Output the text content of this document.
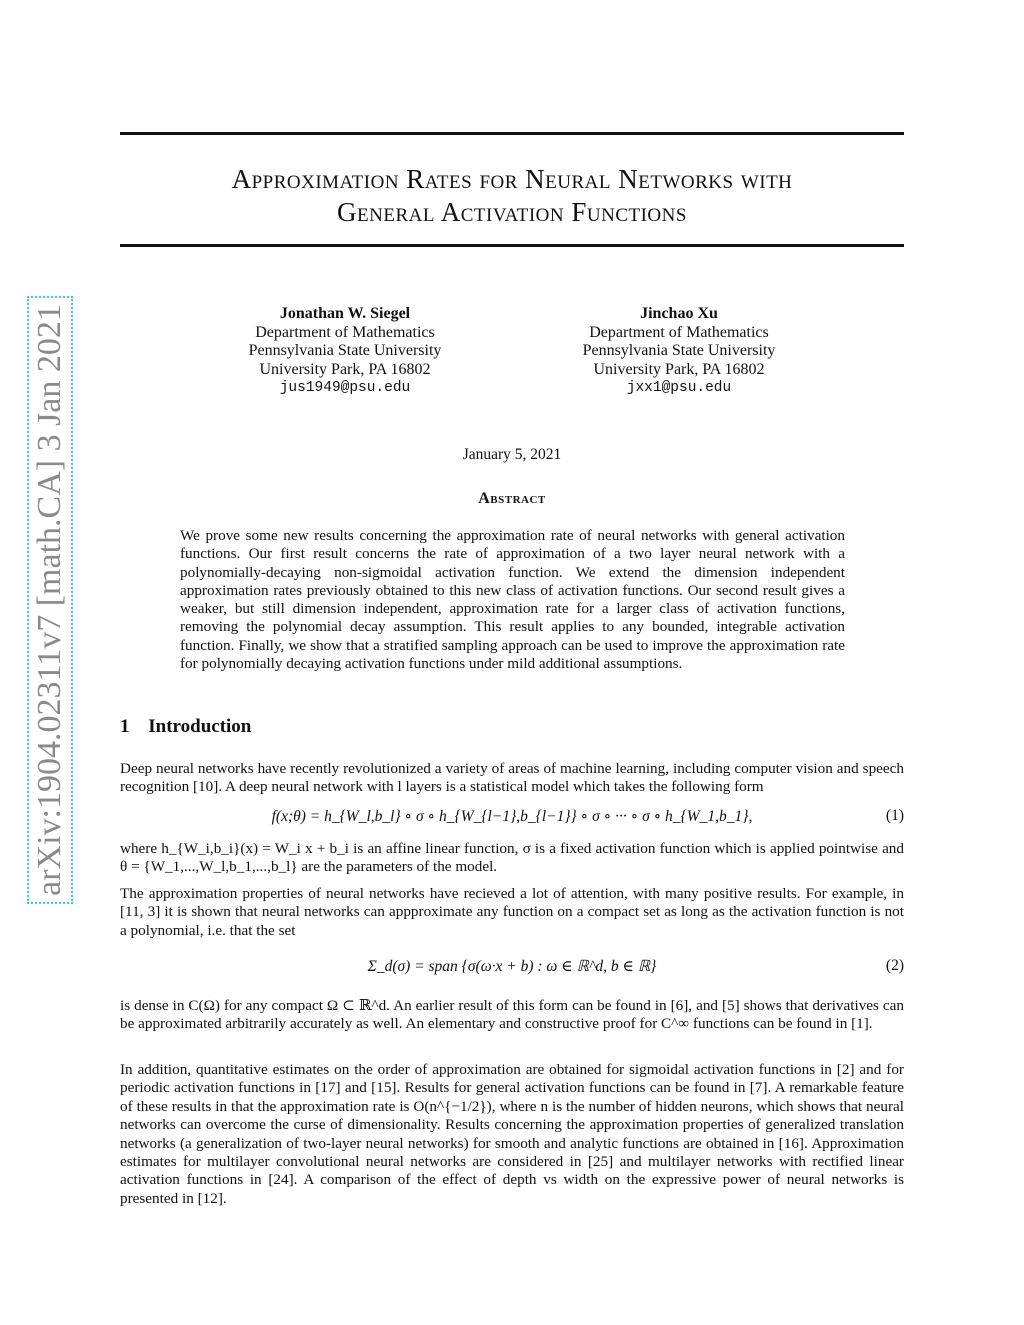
arXiv:1904.02311v7 [math.CA] 3 Jan 2021
Approximation Rates for Neural Networks with
General Activation Functions
Jonathan W. Siegel
Department of Mathematics
Pennsylvania State University
University Park, PA 16802
jus1949@psu.edu
Jinchao Xu
Department of Mathematics
Pennsylvania State University
University Park, PA 16802
jxx1@psu.edu
January 5, 2021
Abstract
We prove some new results concerning the approximation rate of neural networks with general activation functions. Our first result concerns the rate of approximation of a two layer neural network with a polynomially-decaying non-sigmoidal activation function. We extend the dimension independent approximation rates previously obtained to this new class of activation functions. Our second result gives a weaker, but still dimension independent, approximation rate for a larger class of activation functions, removing the polynomial decay assumption. This result applies to any bounded, integrable activation function. Finally, we show that a stratified sampling approach can be used to improve the approximation rate for polynomially decaying activation functions under mild additional assumptions.
1 Introduction
Deep neural networks have recently revolutionized a variety of areas of machine learning, including computer vision and speech recognition [10]. A deep neural network with l layers is a statistical model which takes the following form
f(x;θ) = h_{W_l,b_l} ∘ σ ∘ h_{W_{l−1},b_{l−1}} ∘ σ ∘ ··· ∘ σ ∘ h_{W_1,b_1},	(1)
where h_{W_i,b_i}(x) = W_i x + b_i is an affine linear function, σ is a fixed activation function which is applied pointwise and θ = {W_1,...,W_l,b_1,...,b_l} are the parameters of the model.
The approximation properties of neural networks have recieved a lot of attention, with many positive results. For example, in [11, 3] it is shown that neural networks can appproximate any function on a compact set as long as the activation function is not a polynomial, i.e. that the set
Σ_d(σ) = span {σ(ω·x + b) : ω ∈ ℝ^d, b ∈ ℝ}	(2)
is dense in C(Ω) for any compact Ω ⊂ ℝ^d. An earlier result of this form can be found in [6], and [5] shows that derivatives can be approximated arbitrarily accurately as well. An elementary and constructive proof for C^∞ functions can be found in [1].
In addition, quantitative estimates on the order of approximation are obtained for sigmoidal activation functions in [2] and for periodic activation functions in [17] and [15]. Results for general activation functions can be found in [7]. A remarkable feature of these results in that the approximation rate is O(n^{−1/2}), where n is the number of hidden neurons, which shows that neural networks can overcome the curse of dimensionality. Results concerning the approximation properties of generalized translation networks (a generalization of two-layer neural networks) for smooth and analytic functions are obtained in [16]. Approximation estimates for multilayer convolutional neural networks are considered in [25] and multilayer networks with rectified linear activation functions in [24]. A comparison of the effect of depth vs width on the expressive power of neural networks is presented in [12].
